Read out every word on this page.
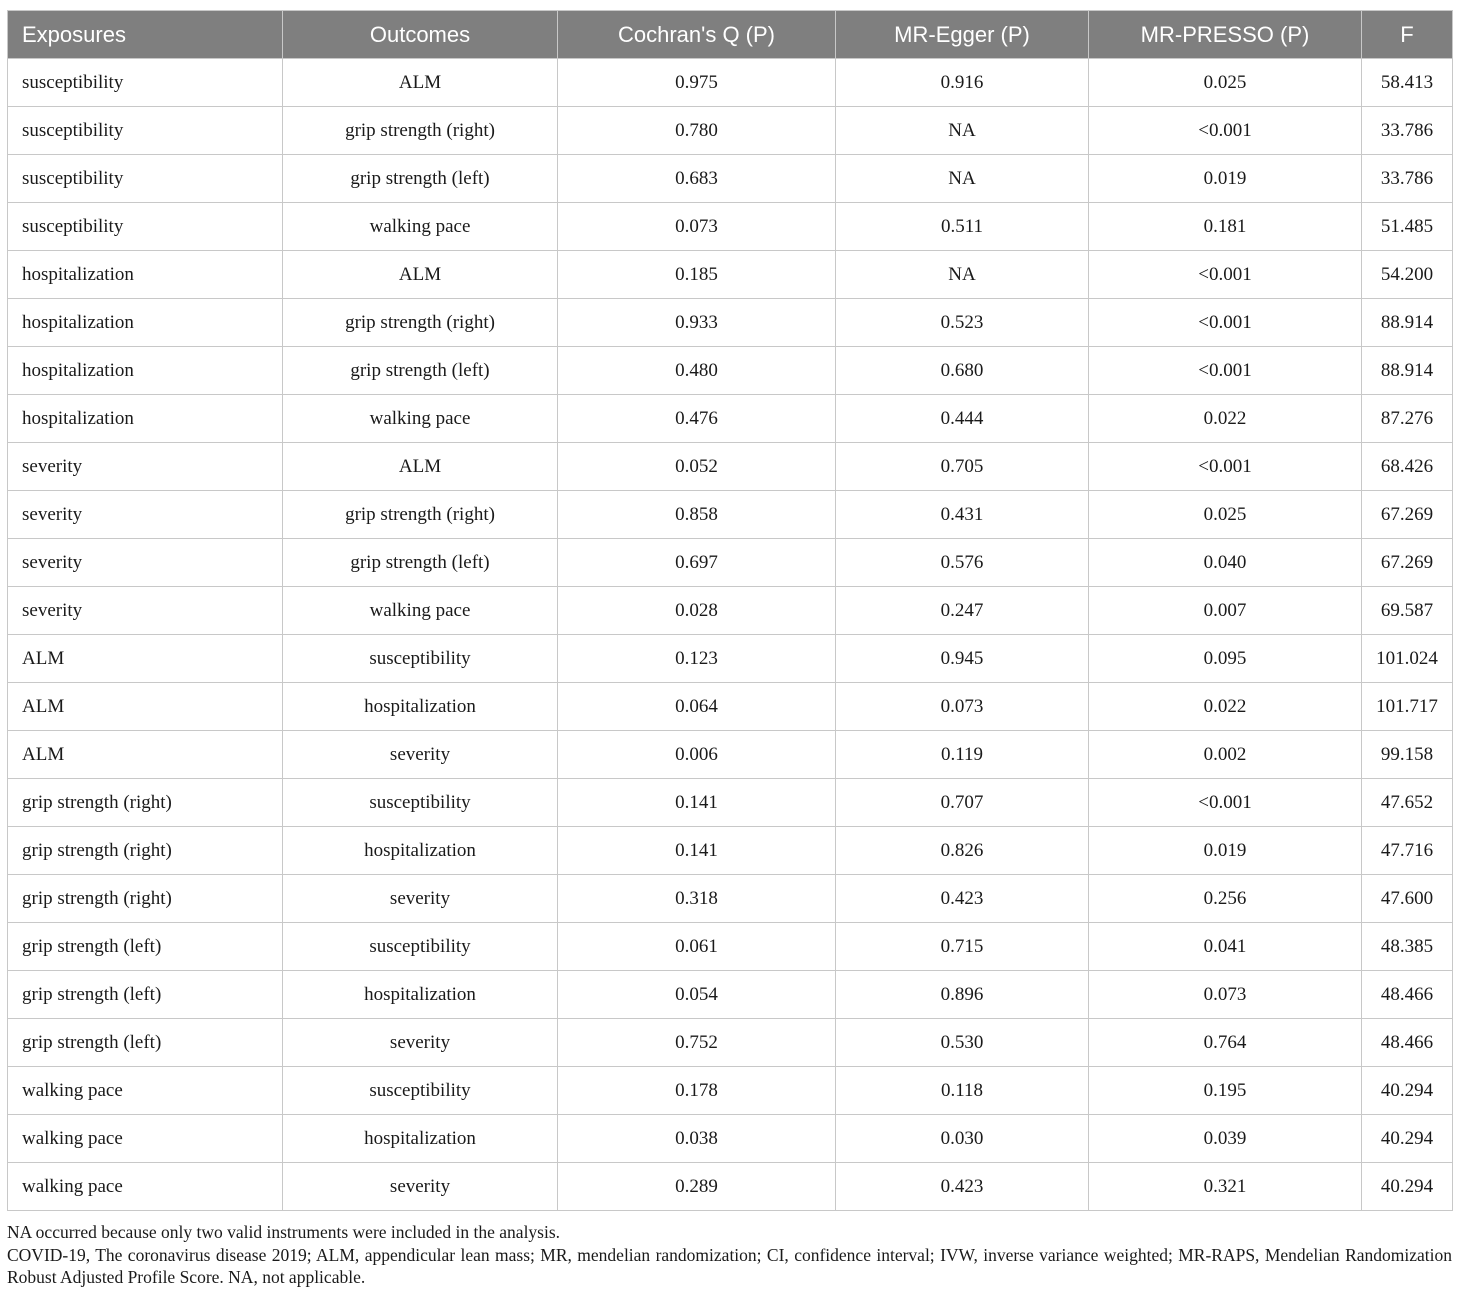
Exposures	Outcomes	Cochran's Q (P)	MR-Egger (P)	MR-PRESSO (P)	F
susceptibility	ALM	0.975	0.916	0.025	58.413
susceptibility	grip strength (right)	0.780	NA	<0.001	33.786
susceptibility	grip strength (left)	0.683	NA	0.019	33.786
susceptibility	walking pace	0.073	0.511	0.181	51.485
hospitalization	ALM	0.185	NA	<0.001	54.200
hospitalization	grip strength (right)	0.933	0.523	<0.001	88.914
hospitalization	grip strength (left)	0.480	0.680	<0.001	88.914
hospitalization	walking pace	0.476	0.444	0.022	87.276
severity	ALM	0.052	0.705	<0.001	68.426
severity	grip strength (right)	0.858	0.431	0.025	67.269
severity	grip strength (left)	0.697	0.576	0.040	67.269
severity	walking pace	0.028	0.247	0.007	69.587
ALM	susceptibility	0.123	0.945	0.095	101.024
ALM	hospitalization	0.064	0.073	0.022	101.717
ALM	severity	0.006	0.119	0.002	99.158
grip strength (right)	susceptibility	0.141	0.707	<0.001	47.652
grip strength (right)	hospitalization	0.141	0.826	0.019	47.716
grip strength (right)	severity	0.318	0.423	0.256	47.600
grip strength (left)	susceptibility	0.061	0.715	0.041	48.385
grip strength (left)	hospitalization	0.054	0.896	0.073	48.466
grip strength (left)	severity	0.752	0.530	0.764	48.466
walking pace	susceptibility	0.178	0.118	0.195	40.294
walking pace	hospitalization	0.038	0.030	0.039	40.294
walking pace	severity	0.289	0.423	0.321	40.294

NA occurred because only two valid instruments were included in the analysis.

COVID-19, The coronavirus disease 2019; ALM, appendicular lean mass; MR, mendelian randomization; CI, confidence interval; IVW, inverse variance weighted; MR-RAPS, Mendelian Randomization Robust Adjusted Profile Score. NA, not applicable.
